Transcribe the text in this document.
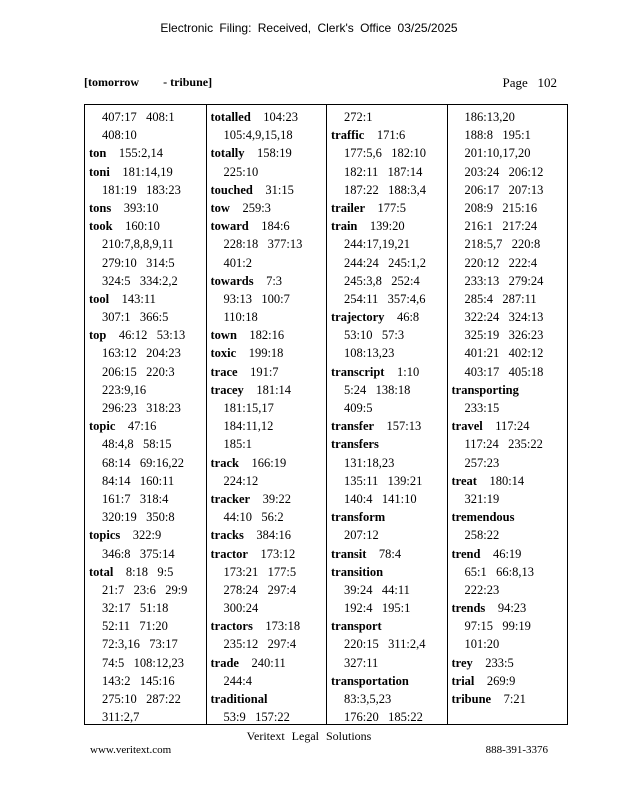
Electronic Filing: Received, Clerk's Office 03/25/2025
[tomorrow        - tribune]	Page   102
407:17   408:1
408:10
ton    155:2,14
toni    181:14,19
181:19   183:23
tons    393:10
took    160:10
210:7,8,8,9,11
279:10   314:5
324:5   334:2,2
tool    143:11
307:1   366:5
top    46:12   53:13
163:12   204:23
206:15   220:3
223:9,16
296:23   318:23
topic    47:16
48:4,8   58:15
68:14   69:16,22
84:14   160:11
161:7   318:4
320:19   350:8
topics    322:9
346:8   375:14
total    8:18   9:5
21:7   23:6   29:9
32:17   51:18
52:11   71:20
72:3,16   73:17
74:5   108:12,23
143:2   145:16
275:10   287:22
311:2,7
totalled    104:23
105:4,9,15,18
totally    158:19
225:10
touched    31:15
tow    259:3
toward    184:6
228:18   377:13
401:2
towards    7:3
93:13   100:7
110:18
town    182:16
toxic    199:18
trace    191:7
tracey    181:14
181:15,17
184:11,12
185:1
track    166:19
224:12
tracker    39:22
44:10   56:2
tracks    384:16
tractor    173:12
173:21   177:5
278:24   297:4
300:24
tractors    173:18
235:12   297:4
trade    240:11
244:4
traditional
53:9   157:22
272:1
traffic    171:6
177:5,6   182:10
182:11   187:14
187:22   188:3,4
trailer    177:5
train    139:20
244:17,19,21
244:24   245:1,2
245:3,8   252:4
254:11   357:4,6
trajectory    46:8
53:10   57:3
108:13,23
transcript    1:10
5:24   138:18
409:5
transfer    157:13
transfers
131:18,23
135:11   139:21
140:4   141:10
transform
207:12
transit    78:4
transition
39:24   44:11
192:4   195:1
transport
220:15   311:2,4
327:11
transportation
83:3,5,23
176:20   185:22
186:13,20
188:8   195:1
201:10,17,20
203:24   206:12
206:17   207:13
208:9   215:16
216:1   217:24
218:5,7   220:8
220:12   222:4
233:13   279:24
285:4   287:11
322:24   324:13
325:19   326:23
401:21   402:12
403:17   405:18
transporting
233:15
travel    117:24
117:24   235:22
257:23
treat    180:14
321:19
tremendous
258:22
trend    46:19
65:1   66:8,13
222:23
trends    94:23
97:15   99:19
101:20
trey    233:5
trial    269:9
tribune    7:21
Veritext Legal Solutions
www.veritext.com	888-391-3376
